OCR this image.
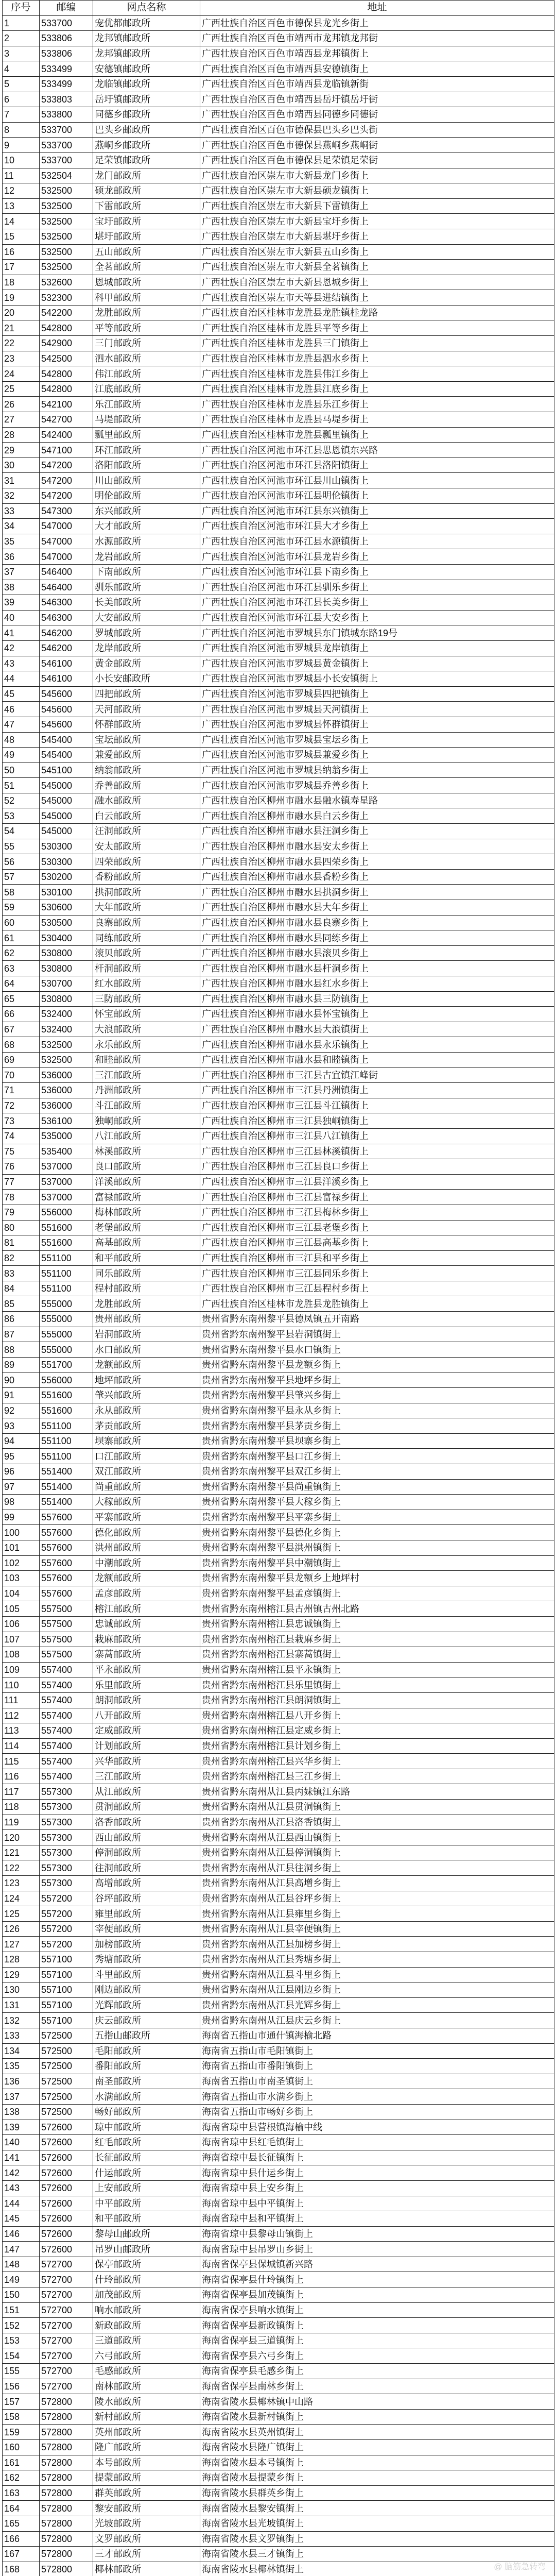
序号	邮编	网点名称	地址
1	533700	宠优都邮政所	广西壮族自治区百色市德保县龙光乡街上
2	533806	龙邦镇邮政所	广西壮族自治区百色市靖西市龙邦镇龙邦街
3	533806	龙邦镇邮政所	广西壮族自治区百色市靖西县龙邦镇街上
4	533499	安德镇邮政所	广西壮族自治区百色市靖西县安德镇街上
5	533499	龙临镇邮政所	广西壮族自治区百色市靖西县龙临镇新街
6	533803	岳圩镇邮政所	广西壮族自治区百色市靖西县岳圩镇岳圩街
7	533800	同德乡邮政所	广西壮族自治区百色市靖西县同德乡同德街
8	533700	巴头乡邮政所	广西壮族自治区百色市德保县巴头乡巴头街
9	533700	燕峒乡邮政所	广西壮族自治区百色市德保县燕峒乡燕峒街
10	533700	足荣镇邮政所	广西壮族自治区百色市德保县足荣镇足荣街
11	532504	龙门邮政所	广西壮族自治区崇左市大新县龙门乡街上
12	532500	硕龙邮政所	广西壮族自治区崇左市大新县硕龙镇街上
13	532500	下雷邮政所	广西壮族自治区崇左市大新县下雷镇街上
14	532500	宝圩邮政所	广西壮族自治区崇左市大新县宝圩乡街上
15	532500	堪圩邮政所	广西壮族自治区崇左市大新县堪圩乡街上
16	532500	五山邮政所	广西壮族自治区崇左市大新县五山乡街上
17	532500	全茗邮政所	广西壮族自治区崇左市大新县全茗镇街上
18	532600	恩城邮政所	广西壮族自治区崇左市大新县恩城乡街上
19	532300	科甲邮政所	广西壮族自治区崇左市天等县进结镇街上
20	542200	龙胜邮政所	广西壮族自治区桂林市龙胜县龙胜镇桂龙路
21	542800	平等邮政所	广西壮族自治区桂林市龙胜县平等乡街上
22	542900	三门邮政所	广西壮族自治区桂林市龙胜县三门镇街上
23	542500	泗水邮政所	广西壮族自治区桂林市龙胜县泗水乡街上
24	542800	伟江邮政所	广西壮族自治区桂林市龙胜县伟江乡街上
25	542800	江底邮政所	广西壮族自治区桂林市龙胜县江底乡街上
26	542100	乐江邮政所	广西壮族自治区桂林市龙胜县乐江乡街上
27	542700	马堤邮政所	广西壮族自治区桂林市龙胜县马堤乡街上
28	542400	瓢里邮政所	广西壮族自治区桂林市龙胜县瓢里镇街上
29	547100	环江邮政所	广西壮族自治区河池市环江县思恩镇东兴路
30	547200	洛阳邮政所	广西壮族自治区河池市环江县洛阳镇街上
31	547200	川山邮政所	广西壮族自治区河池市环江县川山镇街上
32	547200	明伦邮政所	广西壮族自治区河池市环江县明伦镇街上
33	547300	东兴邮政所	广西壮族自治区河池市环江县东兴镇街上
34	547000	大才邮政所	广西壮族自治区河池市环江县大才乡街上
35	547000	水源邮政所	广西壮族自治区河池市环江县水源镇街上
36	547000	龙岩邮政所	广西壮族自治区河池市环江县龙岩乡街上
37	546400	下南邮政所	广西壮族自治区河池市环江县下南乡街上
38	546400	驯乐邮政所	广西壮族自治区河池市环江县驯乐乡街上
39	546300	长美邮政所	广西壮族自治区河池市环江县长美乡街上
40	546300	大安邮政所	广西壮族自治区河池市环江县大安乡街上
41	546200	罗城邮政所	广西壮族自治区河池市罗城县东门镇城东路19号
42	546200	龙岸邮政所	广西壮族自治区河池市罗城县龙岸镇街上
43	546100	黄金邮政所	广西壮族自治区河池市罗城县黄金镇街上
44	546100	小长安邮政所	广西壮族自治区河池市罗城县小长安镇街上
45	545600	四把邮政所	广西壮族自治区河池市罗城县四把镇街上
46	545600	天河邮政所	广西壮族自治区河池市罗城县天河镇街上
47	545600	怀群邮政所	广西壮族自治区河池市罗城县怀群镇街上
48	545400	宝坛邮政所	广西壮族自治区河池市罗城县宝坛乡街上
49	545400	兼爱邮政所	广西壮族自治区河池市罗城县兼爱乡街上
50	545100	纳翁邮政所	广西壮族自治区河池市罗城县纳翁乡街上
51	545000	乔善邮政所	广西壮族自治区河池市罗城县乔善乡街上
52	545000	融水邮政所	广西壮族自治区柳州市融水县融水镇寿星路
53	545000	白云邮政所	广西壮族自治区柳州市融水县白云乡街上
54	545000	汪洞邮政所	广西壮族自治区柳州市融水县汪洞乡街上
55	530300	安太邮政所	广西壮族自治区柳州市融水县安太乡街上
56	530300	四荣邮政所	广西壮族自治区柳州市融水县四荣乡街上
57	530200	香粉邮政所	广西壮族自治区柳州市融水县香粉乡街上
58	530100	拱洞邮政所	广西壮族自治区柳州市融水县拱洞乡街上
59	530600	大年邮政所	广西壮族自治区柳州市融水县大年乡街上
60	530500	良寨邮政所	广西壮族自治区柳州市融水县良寨乡街上
61	530400	同练邮政所	广西壮族自治区柳州市融水县同练乡街上
62	530800	滚贝邮政所	广西壮族自治区柳州市融水县滚贝乡街上
63	530800	杆洞邮政所	广西壮族自治区柳州市融水县杆洞乡街上
64	530700	红水邮政所	广西壮族自治区柳州市融水县红水乡街上
65	530800	三防邮政所	广西壮族自治区柳州市融水县三防镇街上
66	532400	怀宝邮政所	广西壮族自治区柳州市融水县怀宝镇街上
67	532400	大浪邮政所	广西壮族自治区柳州市融水县大浪镇街上
68	532500	永乐邮政所	广西壮族自治区柳州市融水县永乐镇街上
69	532500	和睦邮政所	广西壮族自治区柳州市融水县和睦镇街上
70	536000	三江邮政所	广西壮族自治区柳州市三江县古宜镇江峰街
71	536000	丹洲邮政所	广西壮族自治区柳州市三江县丹洲镇街上
72	536000	斗江邮政所	广西壮族自治区柳州市三江县斗江镇街上
73	536100	独峒邮政所	广西壮族自治区柳州市三江县独峒镇街上
74	535000	八江邮政所	广西壮族自治区柳州市三江县八江镇街上
75	535400	林溪邮政所	广西壮族自治区柳州市三江县林溪镇街上
76	537000	良口邮政所	广西壮族自治区柳州市三江县良口乡街上
77	537000	洋溪邮政所	广西壮族自治区柳州市三江县洋溪乡街上
78	537000	富禄邮政所	广西壮族自治区柳州市三江县富禄乡街上
79	556000	梅林邮政所	广西壮族自治区柳州市三江县梅林乡街上
80	551600	老堡邮政所	广西壮族自治区柳州市三江县老堡乡街上
81	551600	高基邮政所	广西壮族自治区柳州市三江县高基乡街上
82	551100	和平邮政所	广西壮族自治区柳州市三江县和平乡街上
83	551100	同乐邮政所	广西壮族自治区柳州市三江县同乐乡街上
84	551100	程村邮政所	广西壮族自治区柳州市三江县程村乡街上
85	555000	龙胜邮政所	广西壮族自治区桂林市龙胜县龙胜镇街上
86	555000	贵州邮政所	贵州省黔东南州黎平县德凤镇五开南路
87	555000	岩洞邮政所	贵州省黔东南州黎平县岩洞镇街上
88	555000	水口邮政所	贵州省黔东南州黎平县水口镇街上
89	551700	龙额邮政所	贵州省黔东南州黎平县龙额乡街上
90	556000	地坪邮政所	贵州省黔东南州黎平县地坪乡街上
91	551600	肇兴邮政所	贵州省黔东南州黎平县肇兴乡街上
92	551600	永从邮政所	贵州省黔东南州黎平县永从乡街上
93	551100	茅贡邮政所	贵州省黔东南州黎平县茅贡乡街上
94	551100	坝寨邮政所	贵州省黔东南州黎平县坝寨乡街上
95	551100	口江邮政所	贵州省黔东南州黎平县口江乡街上
96	551400	双江邮政所	贵州省黔东南州黎平县双江乡街上
97	551400	尚重邮政所	贵州省黔东南州黎平县尚重镇街上
98	551400	大稼邮政所	贵州省黔东南州黎平县大稼乡街上
99	557600	平寨邮政所	贵州省黔东南州黎平县平寨乡街上
100	557600	德化邮政所	贵州省黔东南州黎平县德化乡街上
101	557600	洪州邮政所	贵州省黔东南州黎平县洪州镇街上
102	557600	中潮邮政所	贵州省黔东南州黎平县中潮镇街上
103	557600	龙额邮政所	贵州省黔东南州黎平县龙额乡上地坪村
104	557600	孟彦邮政所	贵州省黔东南州黎平县孟彦镇街上
105	557500	榕江邮政所	贵州省黔东南州榕江县古州镇古州北路
106	557500	忠诚邮政所	贵州省黔东南州榕江县忠诚镇街上
107	557500	栽麻邮政所	贵州省黔东南州榕江县栽麻乡街上
108	557500	寨蒿邮政所	贵州省黔东南州榕江县寨蒿镇街上
109	557400	平永邮政所	贵州省黔东南州榕江县平永镇街上
110	557400	乐里邮政所	贵州省黔东南州榕江县乐里镇街上
111	557400	朗洞邮政所	贵州省黔东南州榕江县朗洞镇街上
112	557400	八开邮政所	贵州省黔东南州榕江县八开乡街上
113	557400	定威邮政所	贵州省黔东南州榕江县定威乡街上
114	557400	计划邮政所	贵州省黔东南州榕江县计划乡街上
115	557400	兴华邮政所	贵州省黔东南州榕江县兴华乡街上
116	557400	三江邮政所	贵州省黔东南州榕江县三江乡街上
117	557300	从江邮政所	贵州省黔东南州从江县丙妹镇江东路
118	557300	贯洞邮政所	贵州省黔东南州从江县贯洞镇街上
119	557300	洛香邮政所	贵州省黔东南州从江县洛香镇街上
120	557300	西山邮政所	贵州省黔东南州从江县西山镇街上
121	557300	停洞邮政所	贵州省黔东南州从江县停洞镇街上
122	557300	往洞邮政所	贵州省黔东南州从江县往洞乡街上
123	557300	高增邮政所	贵州省黔东南州从江县高增乡街上
124	557200	谷坪邮政所	贵州省黔东南州从江县谷坪乡街上
125	557200	雍里邮政所	贵州省黔东南州从江县雍里乡街上
126	557200	宰便邮政所	贵州省黔东南州从江县宰便镇街上
127	557200	加榜邮政所	贵州省黔东南州从江县加榜乡街上
128	557100	秀塘邮政所	贵州省黔东南州从江县秀塘乡街上
129	557100	斗里邮政所	贵州省黔东南州从江县斗里乡街上
130	557100	刚边邮政所	贵州省黔东南州从江县刚边乡街上
131	557100	光辉邮政所	贵州省黔东南州从江县光辉乡街上
132	557100	庆云邮政所	贵州省黔东南州从江县庆云乡街上
133	572500	五指山邮政所	海南省五指山市通什镇海榆北路
134	572500	毛阳邮政所	海南省五指山市毛阳镇街上
135	572500	番阳邮政所	海南省五指山市番阳镇街上
136	572500	南圣邮政所	海南省五指山市南圣镇街上
137	572500	水满邮政所	海南省五指山市水满乡街上
138	572500	畅好邮政所	海南省五指山市畅好乡街上
139	572600	琼中邮政所	海南省琼中县营根镇海榆中线
140	572600	红毛邮政所	海南省琼中县红毛镇街上
141	572600	长征邮政所	海南省琼中县长征镇街上
142	572600	什运邮政所	海南省琼中县什运乡街上
143	572600	上安邮政所	海南省琼中县上安乡街上
144	572600	中平邮政所	海南省琼中县中平镇街上
145	572600	和平邮政所	海南省琼中县和平镇街上
146	572600	黎母山邮政所	海南省琼中县黎母山镇街上
147	572600	吊罗山邮政所	海南省琼中县吊罗山乡街上
148	572700	保亭邮政所	海南省保亭县保城镇新兴路
149	572700	什玲邮政所	海南省保亭县什玲镇街上
150	572700	加茂邮政所	海南省保亭县加茂镇街上
151	572700	响水邮政所	海南省保亭县响水镇街上
152	572700	新政邮政所	海南省保亭县新政镇街上
153	572700	三道邮政所	海南省保亭县三道镇街上
154	572700	六弓邮政所	海南省保亭县六弓乡街上
155	572700	毛感邮政所	海南省保亭县毛感乡街上
156	572700	南林邮政所	海南省保亭县南林乡街上
157	572800	陵水邮政所	海南省陵水县椰林镇中山路
158	572800	新村邮政所	海南省陵水县新村镇街上
159	572800	英州邮政所	海南省陵水县英州镇街上
160	572800	隆广邮政所	海南省陵水县隆广镇街上
161	572800	本号邮政所	海南省陵水县本号镇街上
162	572800	提蒙邮政所	海南省陵水县提蒙乡街上
163	572800	群英邮政所	海南省陵水县群英乡街上
164	572800	黎安邮政所	海南省陵水县黎安镇街上
165	572800	光坡邮政所	海南省陵水县光坡镇街上
166	572800	文罗邮政所	海南省陵水县文罗镇街上
167	572800	三才邮政所	海南省陵水县三才镇街上
168	572800	椰林邮政所	海南省陵水县椰林镇街上

				@ 脑筋急转弯
